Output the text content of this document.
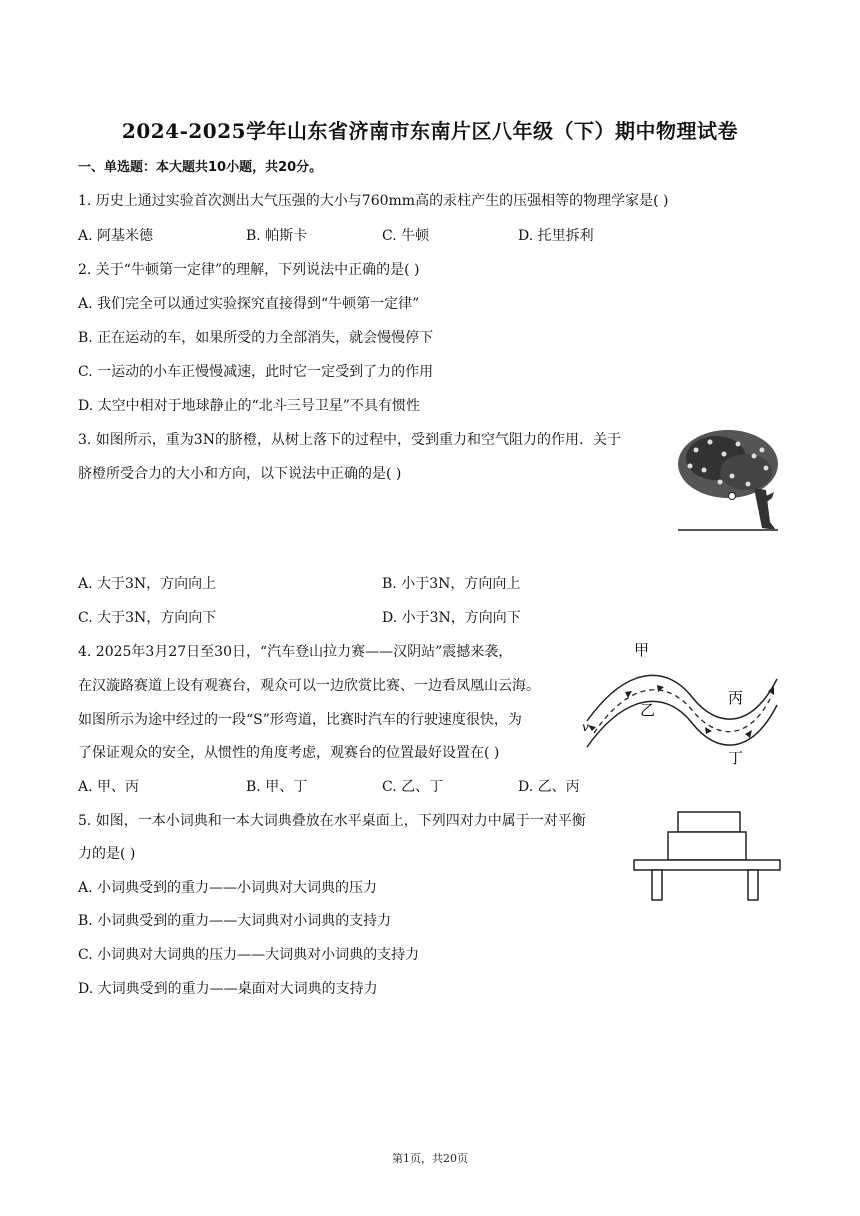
2024-2025学年山东省济南市东南片区八年级（下）期中物理试卷
一、单选题：本大题共10小题，共20分。
1. 历史上通过实验首次测出大气压强的大小与760mm高的汞柱产生的压强相等的物理学家是( )
A. 阿基米德	B. 帕斯卡	C. 牛顿	D. 托里拆利
2. 关于“牛顿第一定律”的理解，下列说法中正确的是( )
A. 我们完全可以通过实验探究直接得到“牛顿第一定律”
B. 正在运动的车，如果所受的力全部消失，就会慢慢停下
C. 一运动的小车正慢慢减速，此时它一定受到了力的作用
D. 太空中相对于地球静止的“北斗三号卫星”不具有惯性
3. 如图所示，重为3N的脐橙，从树上落下的过程中，受到重力和空气阻力的作用．关于
脐橙所受合力的大小和方向，以下说法中正确的是( )
A. 大于3N，方向向上	B. 小于3N，方向向上
C. 大于3N，方向向下	D. 小于3N，方向向下
4. 2025年3月27日至30日，“汽车登山拉力赛——汉阴站”震撼来袭，
在汉漩路赛道上设有观赛台，观众可以一边欣赏比赛、一边看凤凰山云海。
如图所示为途中经过的一段“S”形弯道，比赛时汽车的行驶速度很快，为
了保证观众的安全，从惯性的角度考虑，观赛台的位置最好设置在( )
甲
乙
丙
丁
v
A. 甲、丙	B. 甲、丁	C. 乙、丁	D. 乙、丙
5. 如图，一本小词典和一本大词典叠放在水平桌面上，下列四对力中属于一对平衡
力的是( )
A. 小词典受到的重力——小词典对大词典的压力
B. 小词典受到的重力——大词典对小词典的支持力
C. 小词典对大词典的压力——大词典对小词典的支持力
D. 大词典受到的重力——桌面对大词典的支持力
第1页，共20页
